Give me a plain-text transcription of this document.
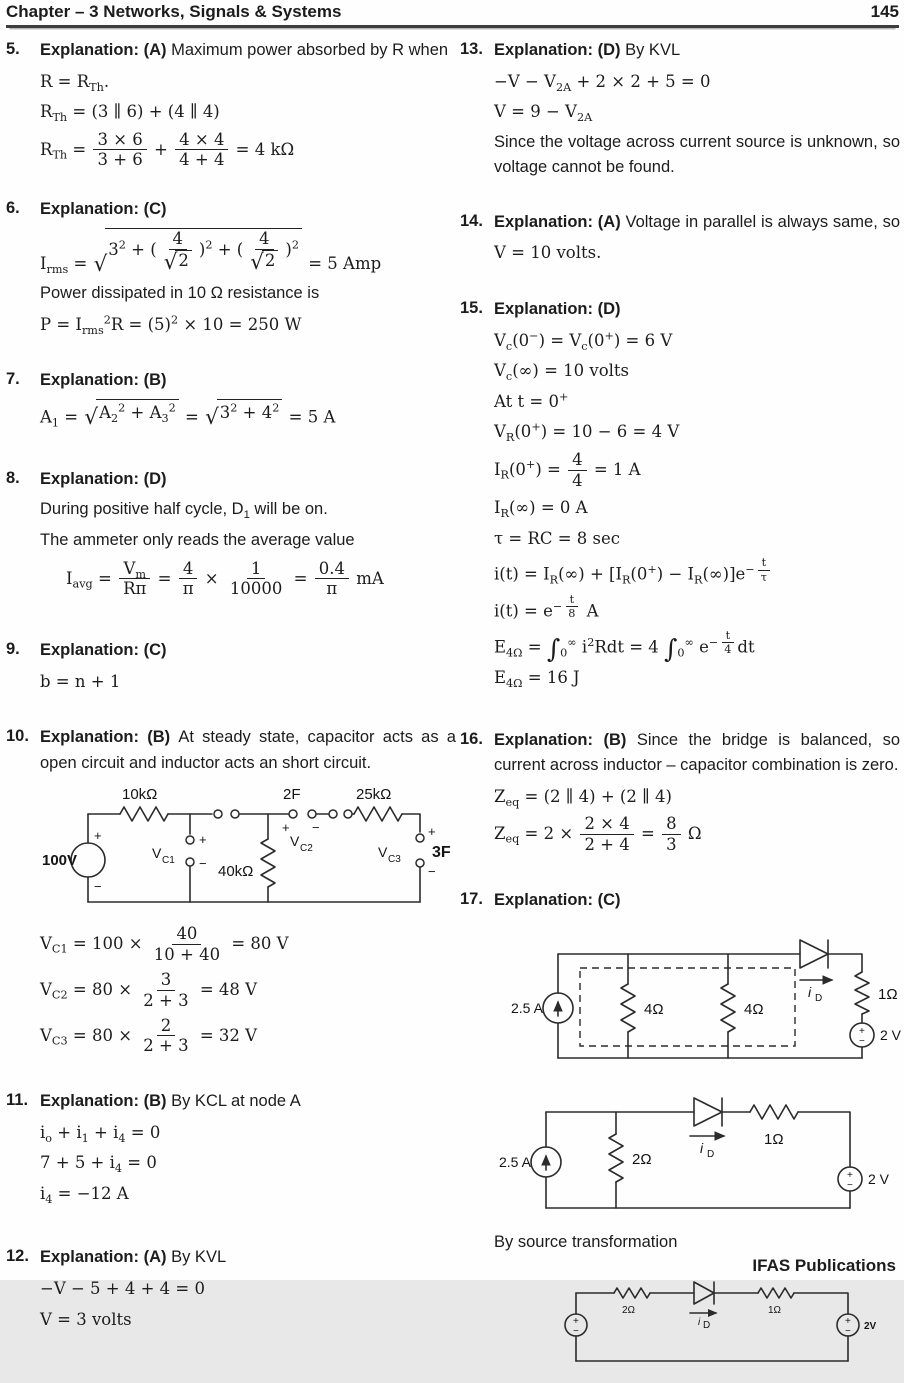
Chapter – 3 Networks, Signals & Systems	145
5.	Explanation: (A) Maximum power absorbed by R when

$R = R_{Th}$.
$R_{Th} = (3$ ∥ 6) + (4 ∥ 4)
$R_{Th} = \frac{3 \times 6}{3 + 6} + \frac{4 \times 4}{4 + 4} = 4$ kΩ
6.	Explanation: (C)

$I_{rms}$ = √
$3^2$ + ( $\frac{4}{√ 2} )^2$ + ( $\frac{4}{√ 2} )^2$
= 5 Amp
Power dissipated in 10 Ω resistance is
$P = I_{rms}^2R = (5)^2 \times 10 = 250$ W
7.	Explanation: (B)

$A_1$ = √ $A_2^2 + A_3^2$ = √ $3^2 + 4^2 = 5$ A
8.	Explanation: (D)

During positive half cycle, $D_1$ will be on.
The ammeter only reads the average value
$I_{avg} = \frac{V_m}{R\pi} = \frac{4}{\pi} \times \frac{1}{10000} = \frac{0.4}{\pi}$ mA
9.	Explanation: (C)

b = n + 1
10. Explanation: (B) At steady state, capacitor acts as a open circuit and inductor acts an short circuit.

+
−
100V
+
−
V C1
40kΩ
2F
+ −
V C2
10kΩ	25kΩ
+
−
V C3 3F
$V_{C1} = 100 \times \frac{40}{10 + 40} = 80$ V
$V_{C2} = 80 \times \frac{3}{2 + 3} = 48$ V
$V_{C3} = 80 \times \frac{2}{2 + 3} = 32$ V
11. Explanation: (B) By KCL at node A

$i_o + i_1 + i_4 = 0$
$7 + 5 + i_4 = 0$
$i_4 = -12$ A
12. Explanation: (A) By KVL

−V − 5 + 4 + 4 = 0
V = 3 volts
13. Explanation: (D) By KVL

$-V - V_{2A} + 2 \times 2 + 5 = 0$
$V = 9 - V_{2A}$
Since the voltage across current source is unknown, so voltage cannot be found.
14. Explanation: (A) Voltage in parallel is always same, so

V = 10 volts.
15. Explanation: (D)

$V_c(0^-) = V_c(0^+) = 6$ V
$V_c(\infty) = 10$ volts
At t = 0+
$V_R(0^+) = 10 - 6 = 4$ V
$I_R(0^+) = \frac{4}{4} = 1$ A
$I_R(\infty) = 0$ A
τ = RC = 8 sec
$i(t) = I_R(\infty) + [I_R(0^+) - I_R(\infty)]e^{- \frac{t}{\tau}}$
$i(t) = e^{- \frac{t}{8}}$ A
$E_{4\Omega} = \int_0^\infty$ $i^2Rdt = 4$ $\int_0^\infty$ $e^{- \frac{t}{4}}$ dt
$E_{4\Omega} = 16$ J
16. Explanation: (B) Since the bridge is balanced, so current across inductor – capacitor combination is zero.

$Z_{eq} = (2$ ∥ 4) + (2 ∥ 4)
$Z_{eq} = 2 \times \frac{2 \times 4}{2 + 4} = \frac{8}{3}$ Ω
17. Explanation: (C)

2.5 A	4Ω	4Ω
i D	1Ω
+
− 2 V
2.5 A	2Ω
i D
1Ω
+
− 2 V
By source transformation
2Ω
i D
1Ω
+
−
+
− 2V
IFAS Publications
